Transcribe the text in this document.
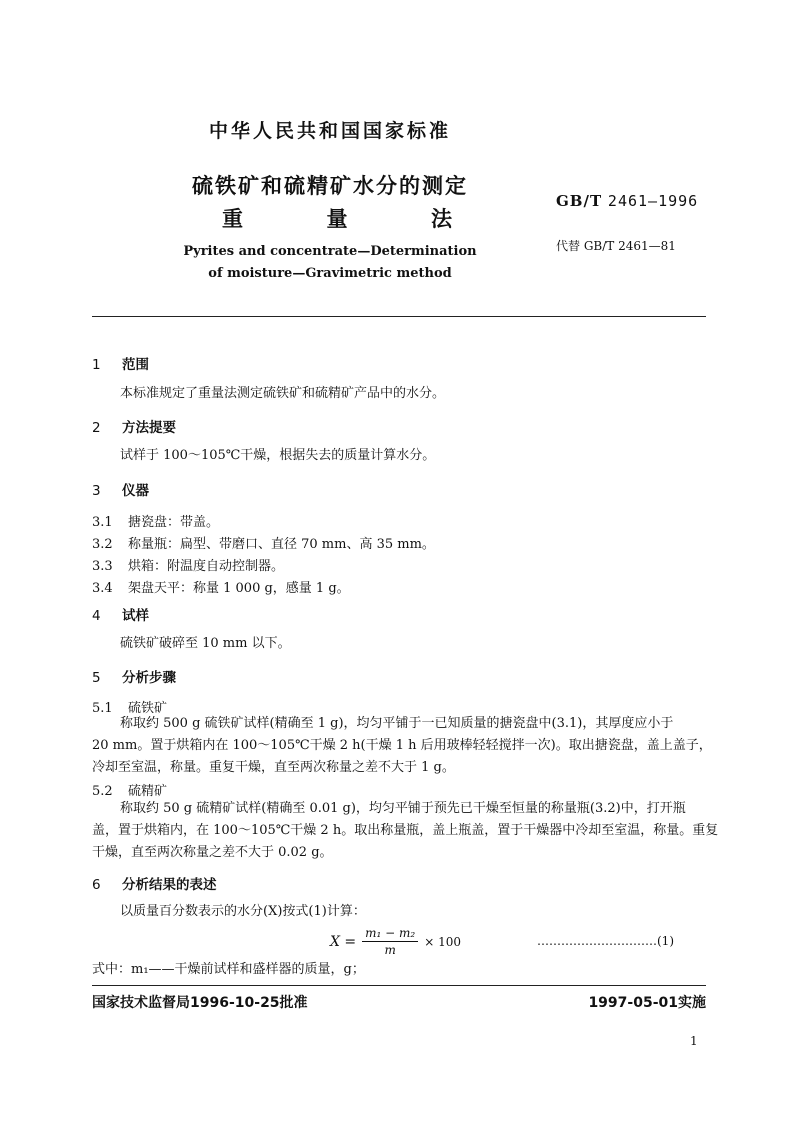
中华人民共和国国家标准
硫铁矿和硫精矿水分的测定
重	量	法
Pyrites and concentrate—Determination
of moisture—Gravimetric method
GB/T 2461—1996
代替 GB/T 2461—81
1 范围
本标准规定了重量法测定硫铁矿和硫精矿产品中的水分。
2 方法提要
试样于 100～105℃干燥，根据失去的质量计算水分。
3 仪器
3.1 搪瓷盘：带盖。
3.2 称量瓶：扁型、带磨口、直径 70 mm、高 35 mm。
3.3 烘箱：附温度自动控制器。
3.4 架盘天平：称量 1 000 g，感量 1 g。
4 试样
硫铁矿破碎至 10 mm 以下。
5 分析步骤
5.1 硫铁矿
称取约 500 g 硫铁矿试样(精确至 1 g)，均匀平铺于一已知质量的搪瓷盘中(3.1)，其厚度应小于
20 mm。置于烘箱内在 100～105℃干燥 2 h(干燥 1 h 后用玻棒轻轻搅拌一次)。取出搪瓷盘，盖上盖子，
冷却至室温，称量。重复干燥，直至两次称量之差不大于 1 g。
5.2 硫精矿
称取约 50 g 硫精矿试样(精确至 0.01 g)，均匀平铺于预先已干燥至恒量的称量瓶(3.2)中，打开瓶
盖，置于烘箱内，在 100～105℃干燥 2 h。取出称量瓶，盖上瓶盖，置于干燥器中冷却至室温，称量。重复
干燥，直至两次称量之差不大于 0.02 g。
6 分析结果的表述
以质量百分数表示的水分(X)按式(1)计算：
$X = \frac{\text{m₁ − m₂}}{m} \times 100$	…………………………(1)
式中：m₁——干燥前试样和盛样器的质量，g；
国家技术监督局1996-10-25批准	1997-05-01实施
1
